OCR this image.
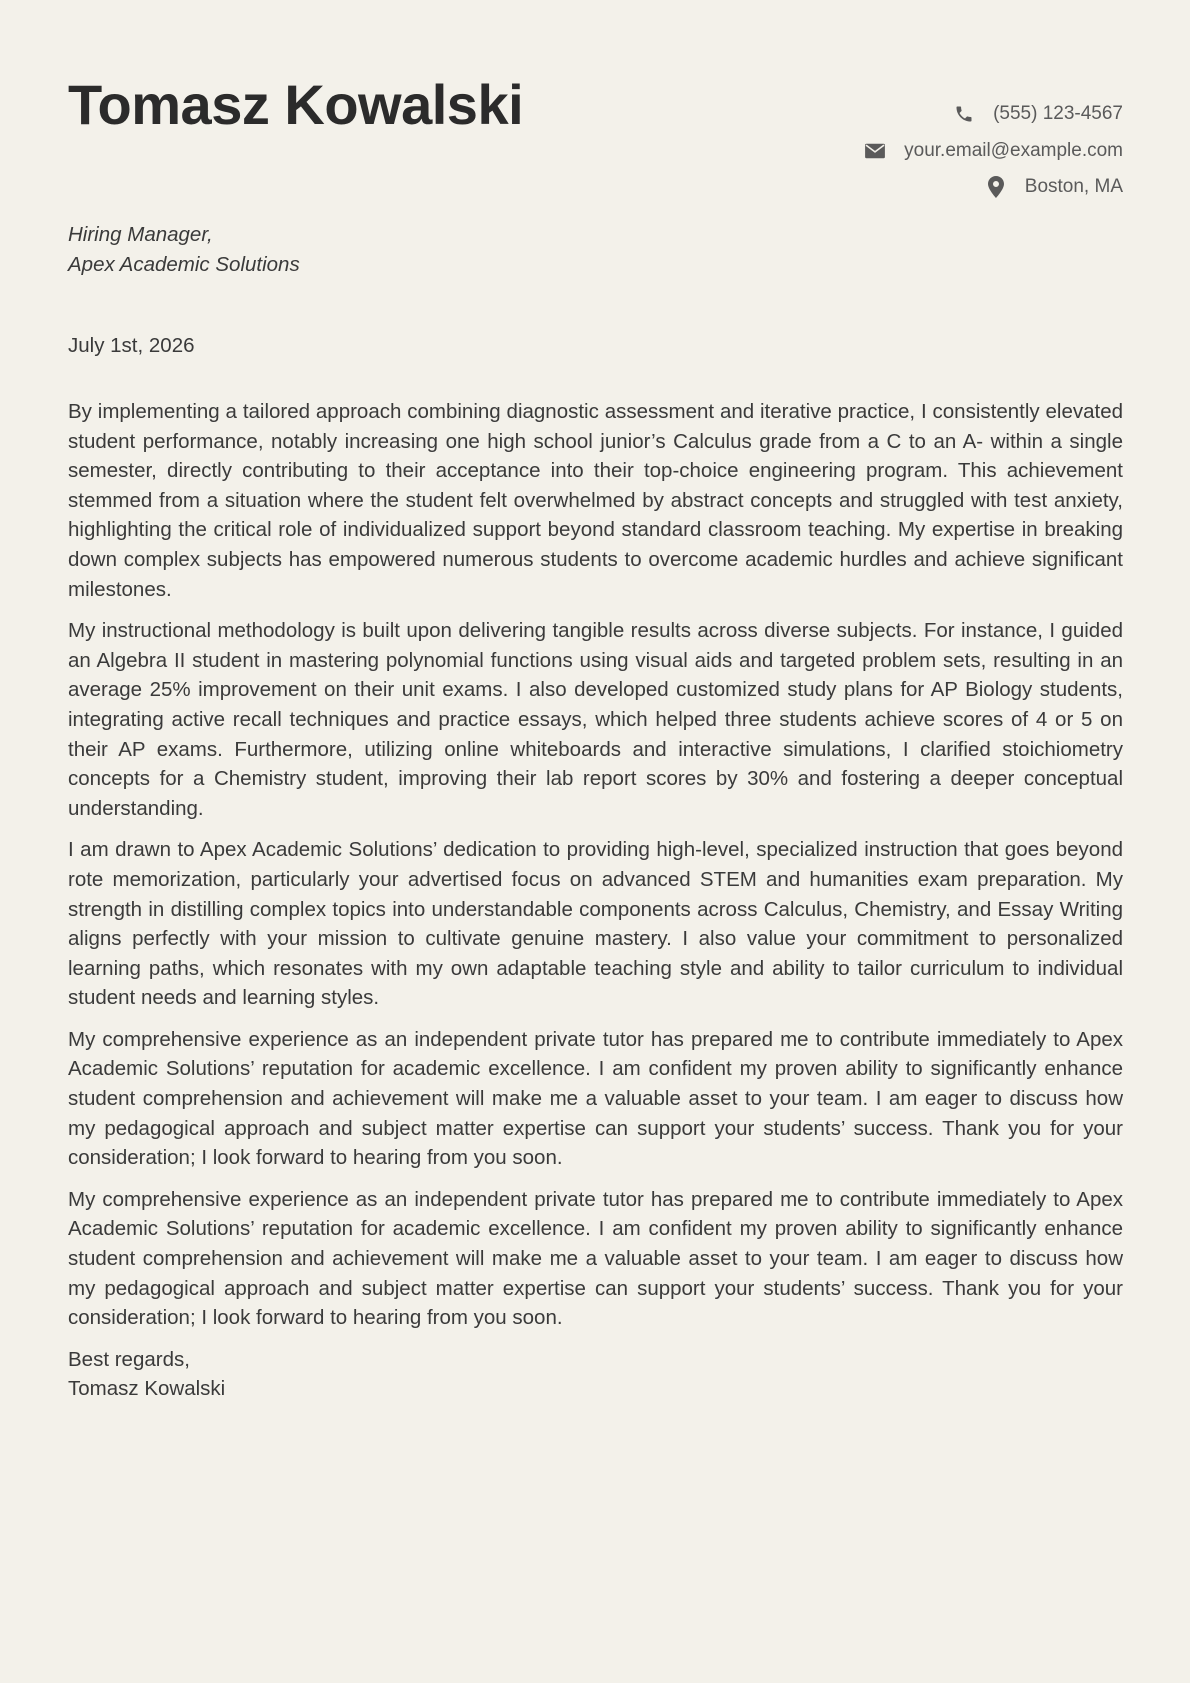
Tomasz Kowalski	(555) 123-4567
your.email@example.com
Boston, MA
Hiring Manager,
Apex Academic Solutions
July 1st, 2026

By implementing a tailored approach combining diagnostic assessment and iterative practice, I consistently elevated student performance, notably increasing one high school junior’s Calculus grade from a C to an A- within a single semester, directly contributing to their acceptance into their top-choice engineering program. This achievement stemmed from a situation where the student felt overwhelmed by abstract concepts and struggled with test anxiety, highlighting the critical role of individualized support beyond standard classroom teaching. My expertise in breaking down complex subjects has empowered numerous students to overcome academic hurdles and achieve significant milestones.

My instructional methodology is built upon delivering tangible results across diverse subjects. For instance, I guided an Algebra II student in mastering polynomial functions using visual aids and targeted problem sets, resulting in an average 25% improvement on their unit exams. I also developed customized study plans for AP Biology students, integrating active recall techniques and practice essays, which helped three students achieve scores of 4 or 5 on their AP exams. Furthermore, utilizing online whiteboards and interactive simulations, I clarified stoichiometry concepts for a Chemistry student, improving their lab report scores by 30% and fostering a deeper conceptual understanding.

I am drawn to Apex Academic Solutions’ dedication to providing high-level, specialized instruction that goes beyond rote memorization, particularly your advertised focus on advanced STEM and humanities exam preparation. My strength in distilling complex topics into understandable components across Calculus, Chemistry, and Essay Writing aligns perfectly with your mission to cultivate genuine mastery. I also value your commitment to personalized learning paths, which resonates with my own adaptable teaching style and ability to tailor curriculum to individual student needs and learning styles.

My comprehensive experience as an independent private tutor has prepared me to contribute immediately to Apex Academic Solutions’ reputation for academic excellence. I am confident my proven ability to significantly enhance student comprehension and achievement will make me a valuable asset to your team. I am eager to discuss how my pedagogical approach and subject matter expertise can support your students’ success. Thank you for your consideration; I look forward to hearing from you soon.

My comprehensive experience as an independent private tutor has prepared me to contribute immediately to Apex Academic Solutions’ reputation for academic excellence. I am confident my proven ability to significantly enhance student comprehension and achievement will make me a valuable asset to your team. I am eager to discuss how my pedagogical approach and subject matter expertise can support your students’ success. Thank you for your consideration; I look forward to hearing from you soon.

Best regards,
Tomasz Kowalski
